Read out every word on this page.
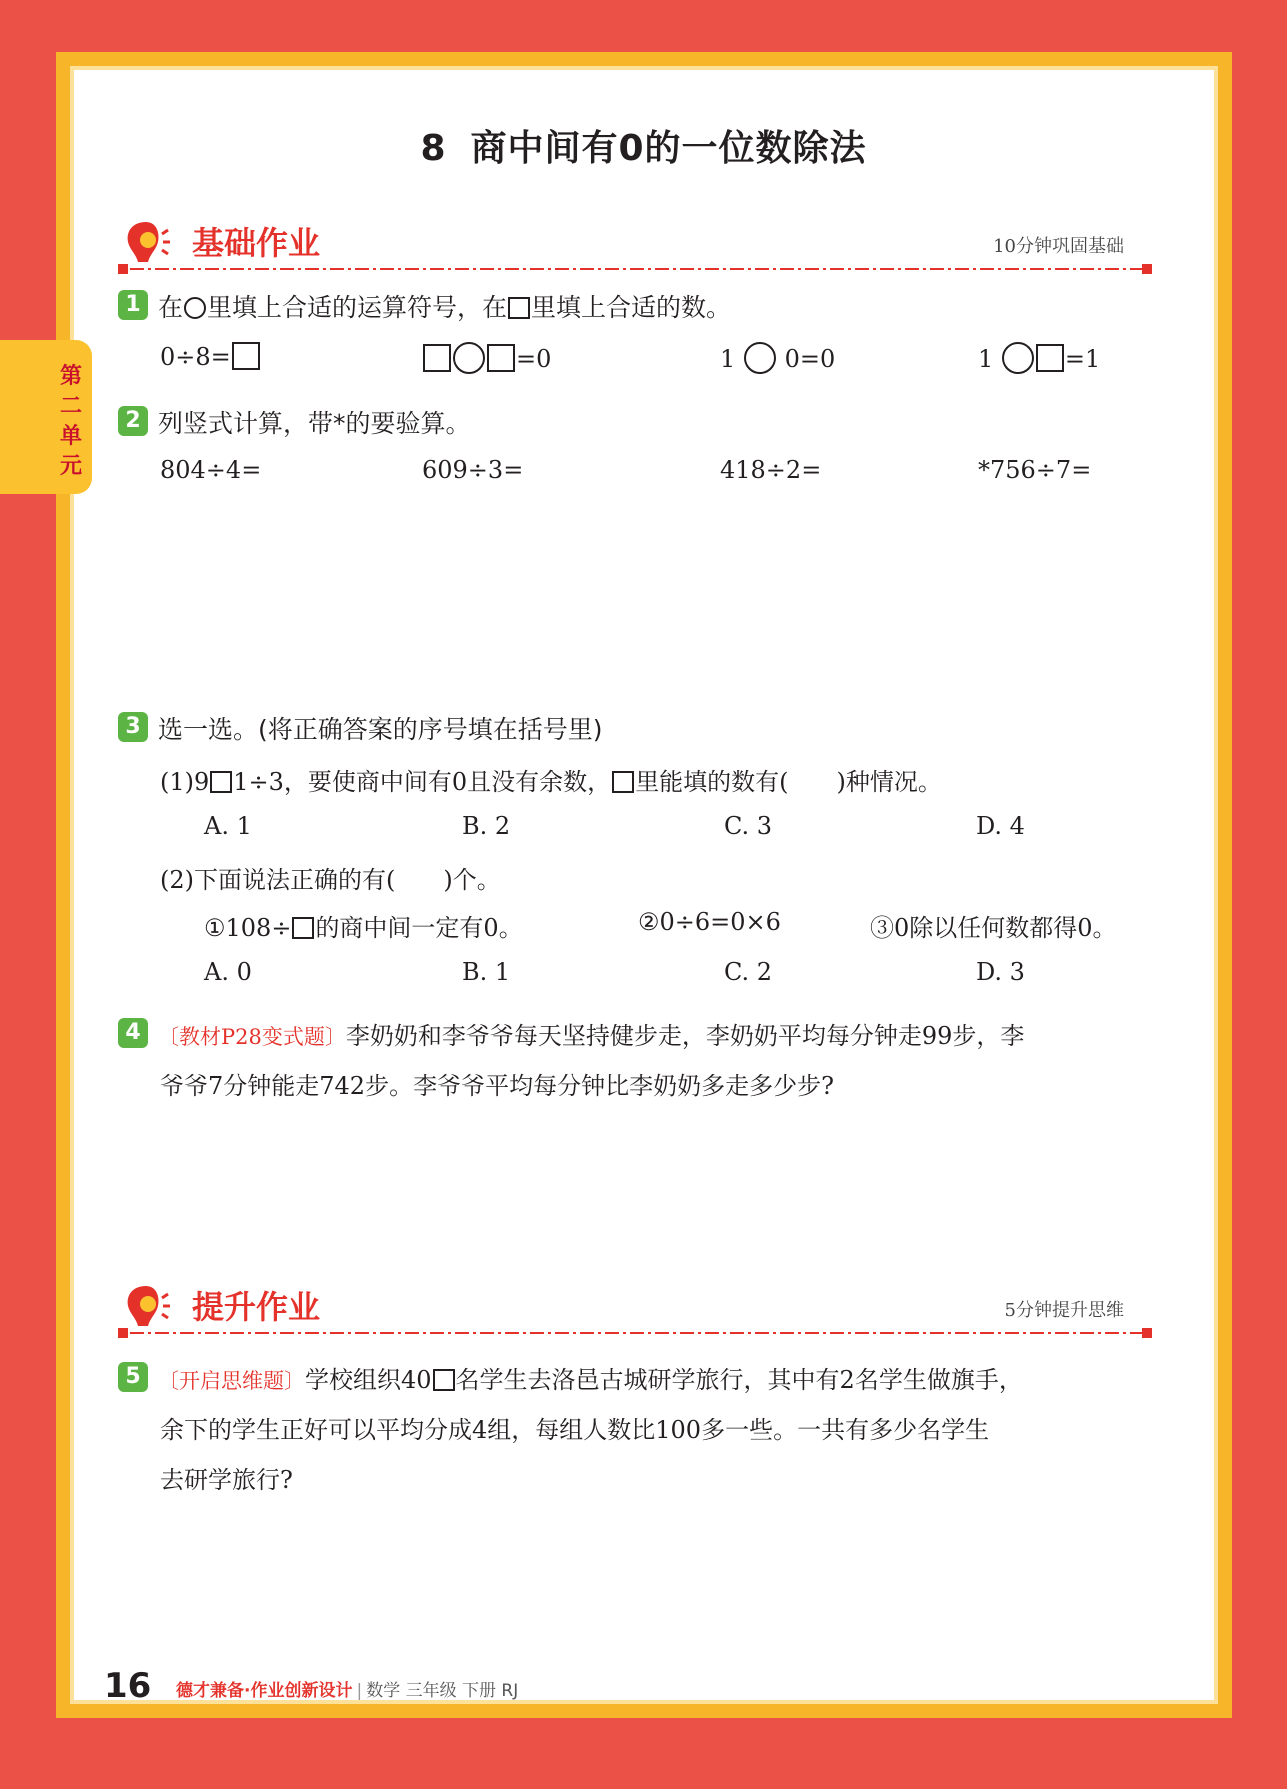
第二单元
8 商中间有0的一位数除法
基础作业	10分钟巩固基础
1 在 里填上合适的运算符号，在 里填上合适的数。
0÷8=	=0	1 0=0	1	=1
2 列竖式计算，带*的要验算。
804÷4=	609÷3=	418÷2=	*756÷7=
3 选一选。(将正确答案的序号填在括号里)
(1)9 1÷3，要使商中间有0且没有余数， 里能填的数有(　　)种情况。
A. 1	B. 2	C. 3	D. 4
(2)下面说法正确的有(　　)个。
①108÷ 的商中间一定有0。	②0÷6=0×6	③0除以任何数都得0。
A. 0	B. 1	C. 2	D. 3
4 〔教材P28变式题〕李奶奶和李爷爷每天坚持健步走，李奶奶平均每分钟走99步，李
爷爷7分钟能走742步。李爷爷平均每分钟比李奶奶多走多少步?
提升作业	5分钟提升思维
5 〔开启思维题〕学校组织40 名学生去洛邑古城研学旅行，其中有2名学生做旗手，
余下的学生正好可以平均分成4组，每组人数比100多一些。一共有多少名学生
去研学旅行?
16 德才兼备·作业创新设计 | 数学 三年级 下册 RJ
